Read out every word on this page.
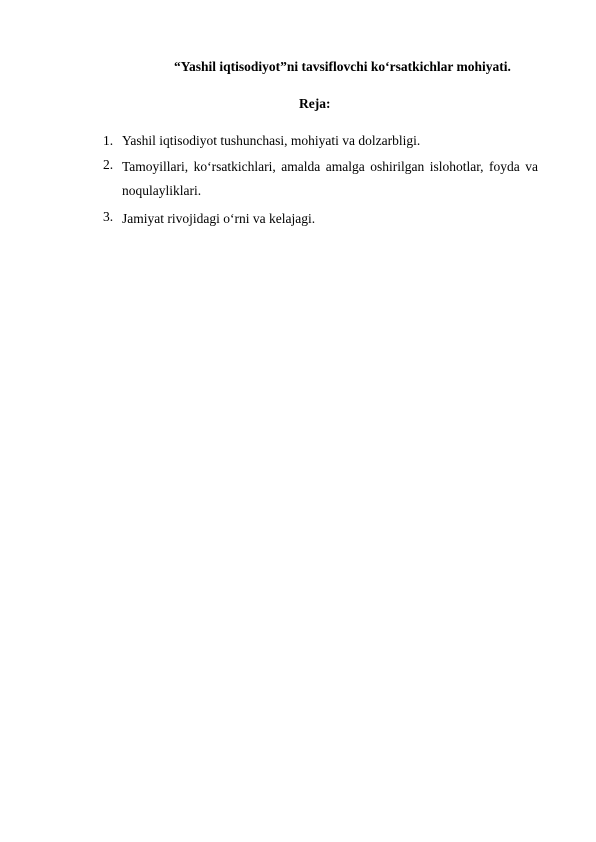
“Yashil iqtisodiyot”ni tavsiflovchi ko‘rsatkichlar mohiyati.
Reja:
1. Yashil iqtisodiyot tushunchasi, mohiyati va dolzarbligi.
2. Tamoyillari, ko‘rsatkichlari, amalda amalga oshirilgan islohotlar, foyda va noqulayliklari.
3. Jamiyat rivojidagi o‘rni va kelajagi.
